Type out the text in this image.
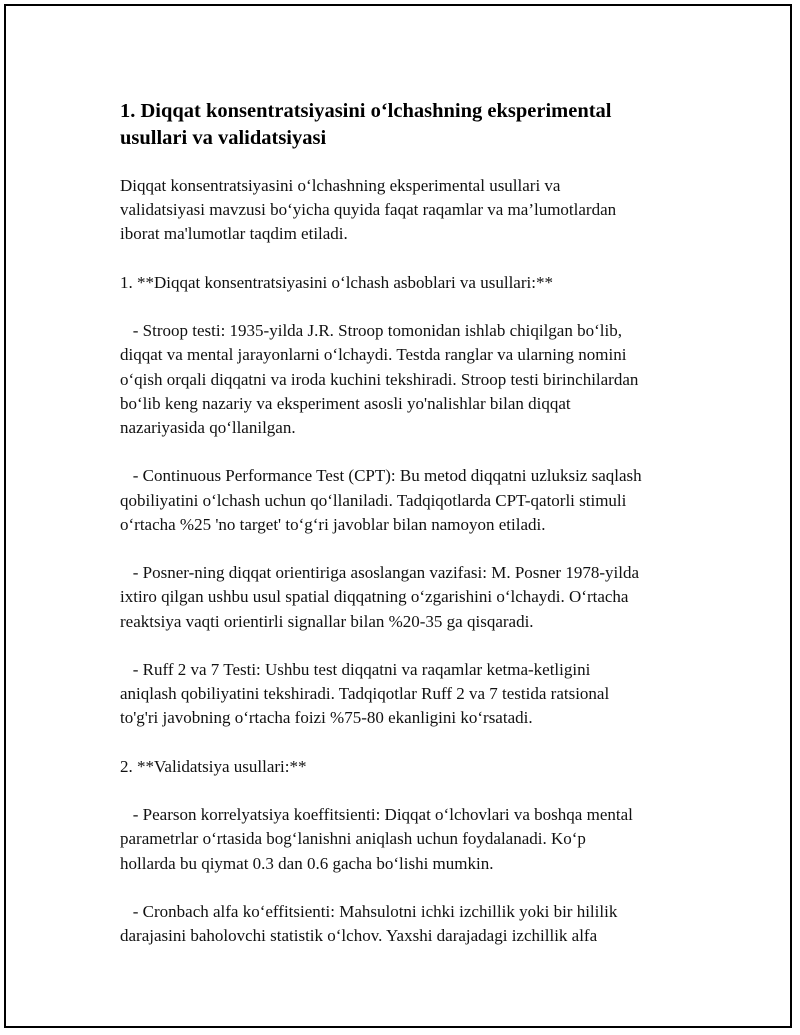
1. Diqqat konsentratsiyasini o‘lchashning eksperimental
usullari va validatsiyasi
Diqqat konsentratsiyasini o‘lchashning eksperimental usullari va
validatsiyasi mavzusi bo‘yicha quyida faqat raqamlar va ma’lumotlardan
iborat ma'lumotlar taqdim etiladi.
1. **Diqqat konsentratsiyasini o‘lchash asboblari va usullari:**
- Stroop testi: 1935-yilda J.R. Stroop tomonidan ishlab chiqilgan bo‘lib,
diqqat va mental jarayonlarni o‘lchaydi. Testda ranglar va ularning nomini
o‘qish orqali diqqatni va iroda kuchini tekshiradi. Stroop testi birinchilardan
bo‘lib keng nazariy va eksperiment asosli yo'nalishlar bilan diqqat
nazariyasida qo‘llanilgan.
- Continuous Performance Test (CPT): Bu metod diqqatni uzluksiz saqlash
qobiliyatini o‘lchash uchun qo‘llaniladi. Tadqiqotlarda CPT-qatorli stimuli
o‘rtacha %25 'no target' to‘g‘ri javoblar bilan namoyon etiladi.
- Posner-ning diqqat orientiriga asoslangan vazifasi: M. Posner 1978-yilda
ixtiro qilgan ushbu usul spatial diqqatning o‘zgarishini o‘lchaydi. O‘rtacha
reaktsiya vaqti orientirli signallar bilan %20-35 ga qisqaradi.
- Ruff 2 va 7 Testi: Ushbu test diqqatni va raqamlar ketma-ketligini
aniqlash qobiliyatini tekshiradi. Tadqiqotlar Ruff 2 va 7 testida ratsional
to'g'ri javobning o‘rtacha foizi %75-80 ekanligini ko‘rsatadi.
2. **Validatsiya usullari:**
- Pearson korrelyatsiya koeffitsienti: Diqqat o‘lchovlari va boshqa mental
parametrlar o‘rtasida bog‘lanishni aniqlash uchun foydalanadi. Ko‘p
hollarda bu qiymat 0.3 dan 0.6 gacha bo‘lishi mumkin.
- Cronbach alfa ko‘effitsienti: Mahsulotni ichki izchillik yoki bir hililik
darajasini baholovchi statistik o‘lchov. Yaxshi darajadagi izchillik alfa
